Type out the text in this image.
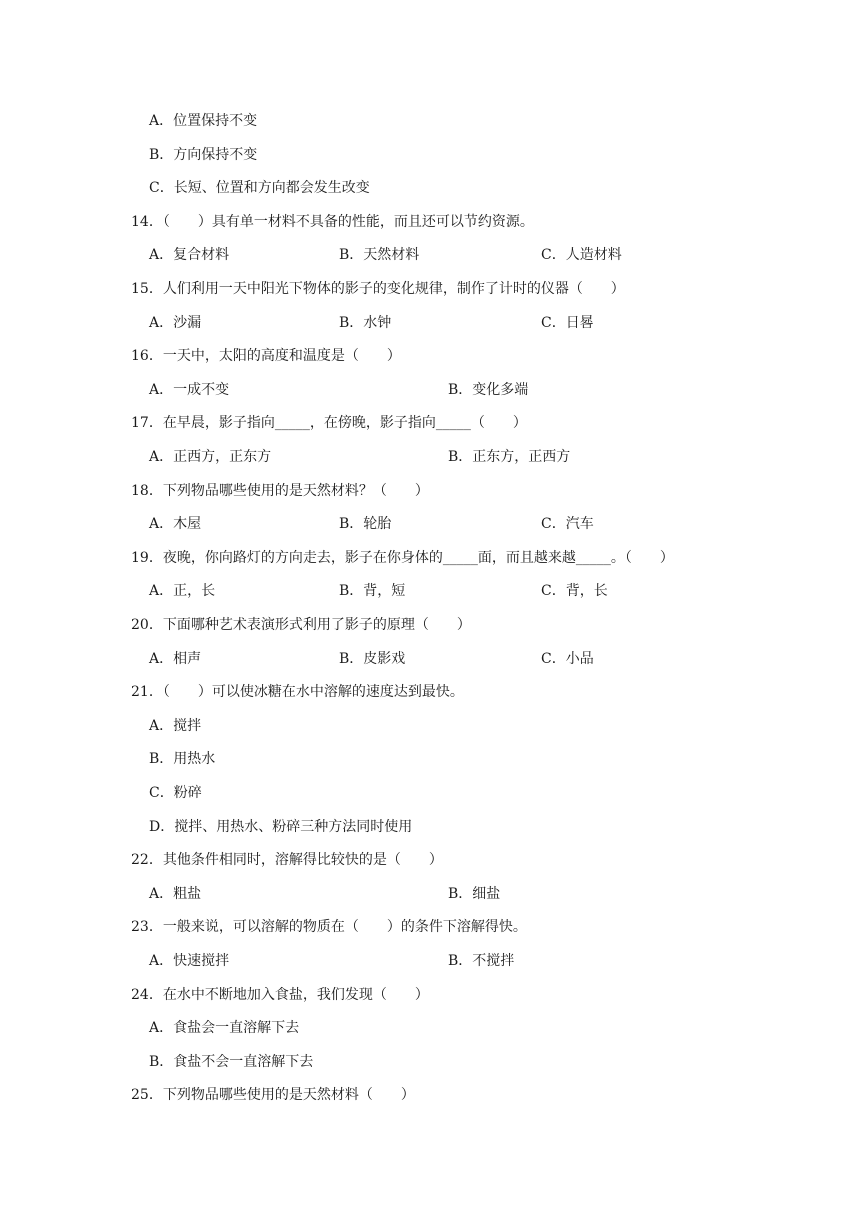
A．位置保持不变
B．方向保持不变
C．长短、位置和方向都会发生改变
14．（　　）具有单一材料不具备的性能，而且还可以节约资源。
A．复合材料	B．天然材料	C．人造材料
15．人们利用一天中阳光下物体的影子的变化规律，制作了计时的仪器（　　）
A．沙漏	B．水钟	C．日晷
16．一天中，太阳的高度和温度是（　　）
A．一成不变	B．变化多端
17．在早晨，影子指向_____，在傍晚，影子指向_____（　　）
A．正西方，正东方	B．正东方，正西方
18．下列物品哪些使用的是天然材料？（　　）
A．木屋	B．轮胎	C．汽车
19．夜晚，你向路灯的方向走去，影子在你身体的_____面，而且越来越_____。（　　）
A．正，长	B．背，短	C．背，长
20．下面哪种艺术表演形式利用了影子的原理（　　）
A．相声	B．皮影戏	C．小品
21．（　　）可以使冰糖在水中溶解的速度达到最快。
A．搅拌
B．用热水
C．粉碎
D．搅拌、用热水、粉碎三种方法同时使用
22．其他条件相同时，溶解得比较快的是（　　）
A．粗盐	B．细盐
23．一般来说，可以溶解的物质在（　　）的条件下溶解得快。
A．快速搅拌	B．不搅拌
24．在水中不断地加入食盐，我们发现（　　）
A．食盐会一直溶解下去
B．食盐不会一直溶解下去
25．下列物品哪些使用的是天然材料（　　）
